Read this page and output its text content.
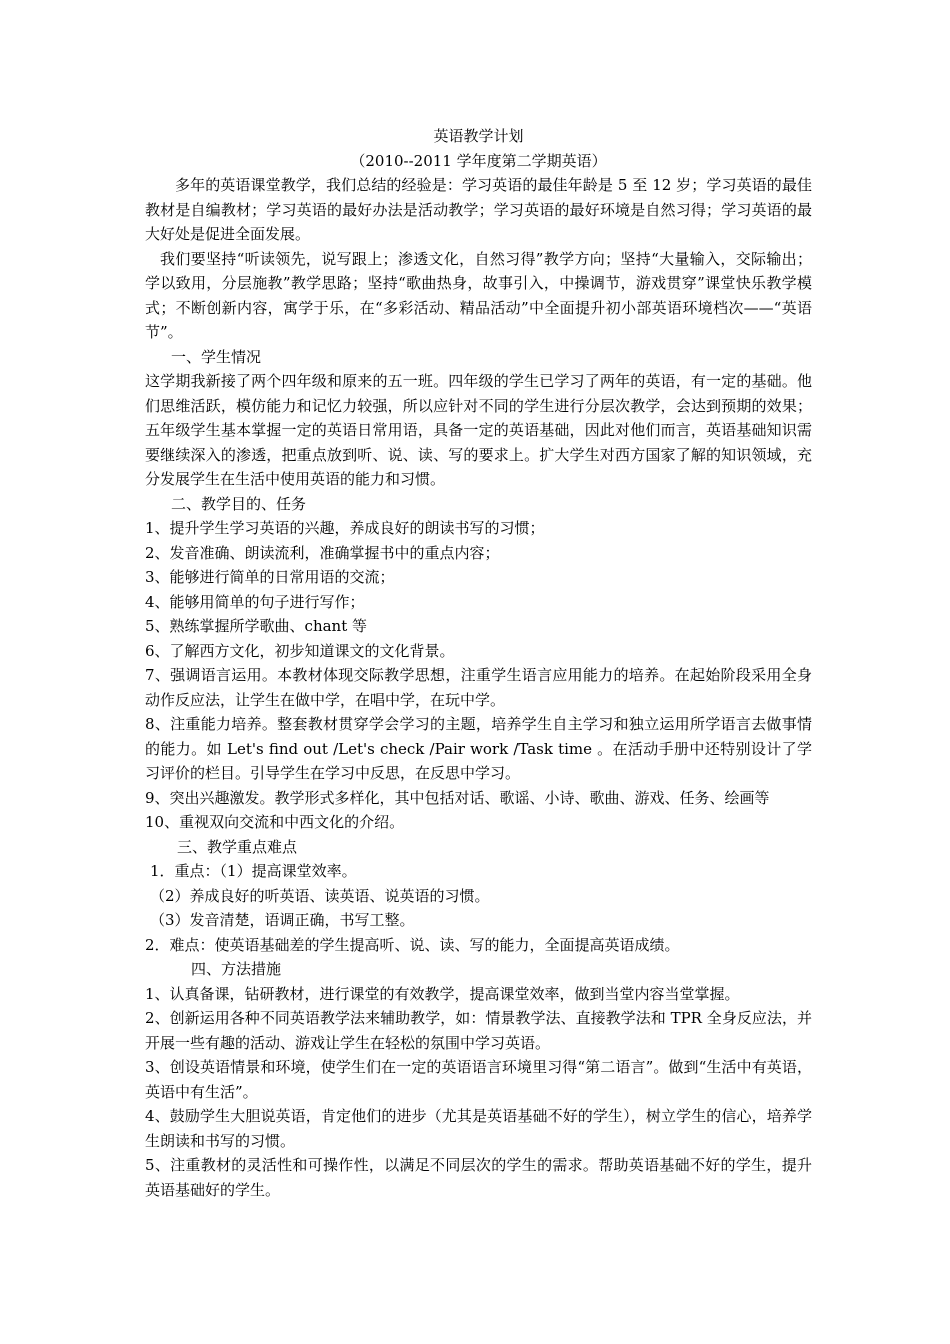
英语教学计划

（2010--2011 学年度第二学期英语）

多年的英语课堂教学，我们总结的经验是：学习英语的最佳年龄是 5 至 12 岁；学习英语的最佳教材是自编教材；学习英语的最好办法是活动教学；学习英语的最好环境是自然习得；学习英语的最大好处是促进全面发展。

我们要坚持“听读领先，说写跟上；渗透文化，自然习得”教学方向；坚持“大量输入，交际输出；学以致用，分层施教”教学思路；坚持“歌曲热身，故事引入，中操调节，游戏贯穿”课堂快乐教学模式；不断创新内容，寓学于乐，在“多彩活动、精品活动”中全面提升初小部英语环境档次——“英语节”。

一、学生情况

这学期我新接了两个四年级和原来的五一班。四年级的学生已学习了两年的英语，有一定的基础。他们思维活跃，模仿能力和记忆力较强，所以应针对不同的学生进行分层次教学，会达到预期的效果；五年级学生基本掌握一定的英语日常用语，具备一定的英语基础，因此对他们而言，英语基础知识需要继续深入的渗透，把重点放到听、说、读、写的要求上。扩大学生对西方国家了解的知识领域，充分发展学生在生活中使用英语的能力和习惯。

二、教学目的、任务

1、提升学生学习英语的兴趣，养成良好的朗读书写的习惯；

2、发音准确、朗读流利，准确掌握书中的重点内容；

3、能够进行简单的日常用语的交流；

4、能够用简单的句子进行写作；

5、熟练掌握所学歌曲、chant 等

6、了解西方文化，初步知道课文的文化背景。

7、强调语言运用。本教材体现交际教学思想，注重学生语言应用能力的培养。在起始阶段采用全身动作反应法，让学生在做中学，在唱中学，在玩中学。

8、注重能力培养。整套教材贯穿学会学习的主题，培养学生自主学习和独立运用所学语言去做事情的能力。如 Let's find out /Let's check /Pair work /Task time 。在活动手册中还特别设计了学习评价的栏目。引导学生在学习中反思，在反思中学习。

9、突出兴趣激发。教学形式多样化，其中包括对话、歌谣、小诗、歌曲、游戏、任务、绘画等

10、重视双向交流和中西文化的介绍。

三、教学重点难点

1．重点：（1）提高课堂效率。

（2）养成良好的听英语、读英语、说英语的习惯。

（3）发音清楚，语调正确，书写工整。

2．难点：使英语基础差的学生提高听、说、读、写的能力，全面提高英语成绩。

四、方法措施

1、认真备课，钻研教材，进行课堂的有效教学，提高课堂效率，做到当堂内容当堂掌握。

2、创新运用各种不同英语教学法来辅助教学，如：情景教学法、直接教学法和 TPR 全身反应法，并开展一些有趣的活动、游戏让学生在轻松的氛围中学习英语。

3、创设英语情景和环境，使学生们在一定的英语语言环境里习得“第二语言”。做到“生活中有英语，英语中有生活”。

4、鼓励学生大胆说英语，肯定他们的进步（尤其是英语基础不好的学生），树立学生的信心，培养学生朗读和书写的习惯。

5、注重教材的灵活性和可操作性，以满足不同层次的学生的需求。帮助英语基础不好的学生，提升英语基础好的学生。
